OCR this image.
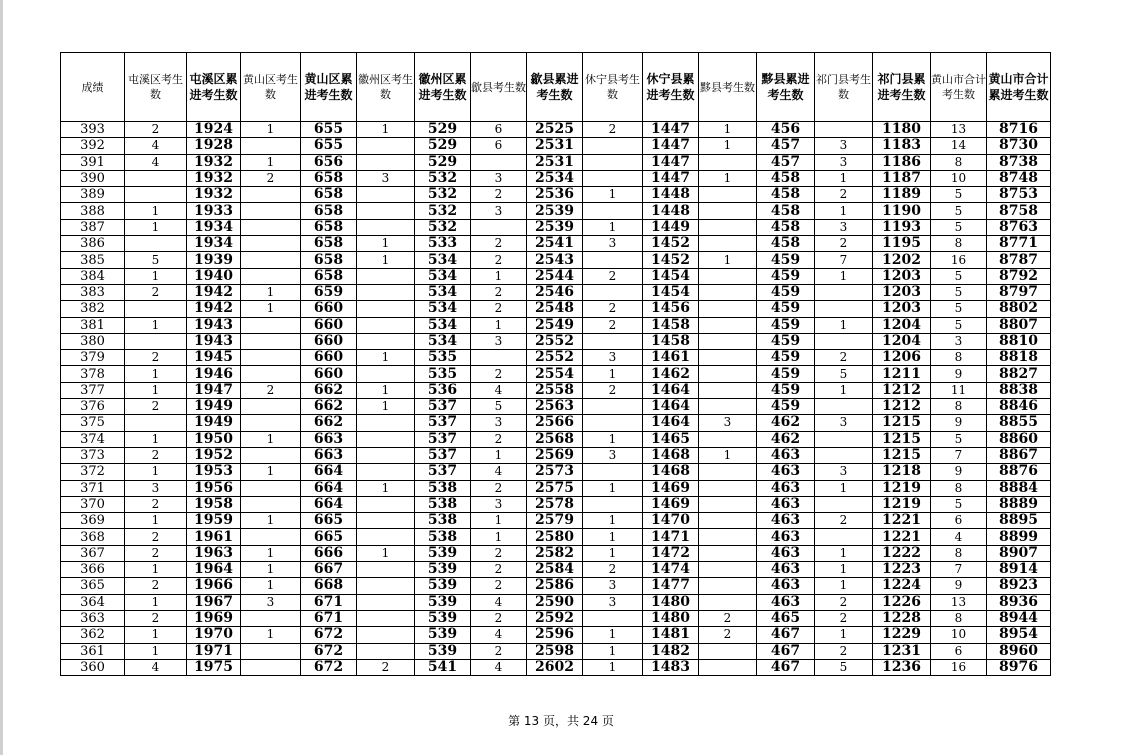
成绩	屯溪区考生数	屯溪区累进考生数	黄山区考生数	黄山区累进考生数	徽州区考生数	徽州区累进考生数	歙县考生数	歙县累进考生数	休宁县考生数	休宁县累进考生数	黟县考生数	黟县累进考生数	祁门县考生数	祁门县累进考生数	黄山市合计考生数	黄山市合计累进考生数
393	2	1924	1	655	1	529	6	2525	2	1447	1	456		1180	13	8716
392	4	1928		655		529	6	2531		1447	1	457	3	1183	14	8730
391	4	1932	1	656		529		2531		1447		457	3	1186	8	8738
390		1932	2	658	3	532	3	2534		1447	1	458	1	1187	10	8748
389		1932		658		532	2	2536	1	1448		458	2	1189	5	8753
388	1	1933		658		532	3	2539		1448		458	1	1190	5	8758
387	1	1934		658		532		2539	1	1449		458	3	1193	5	8763
386		1934		658	1	533	2	2541	3	1452		458	2	1195	8	8771
385	5	1939		658	1	534	2	2543		1452	1	459	7	1202	16	8787
384	1	1940		658		534	1	2544	2	1454		459	1	1203	5	8792
383	2	1942	1	659		534	2	2546		1454		459		1203	5	8797
382		1942	1	660		534	2	2548	2	1456		459		1203	5	8802
381	1	1943		660		534	1	2549	2	1458		459	1	1204	5	8807
380		1943		660		534	3	2552		1458		459		1204	3	8810
379	2	1945		660	1	535		2552	3	1461		459	2	1206	8	8818
378	1	1946		660		535	2	2554	1	1462		459	5	1211	9	8827
377	1	1947	2	662	1	536	4	2558	2	1464		459	1	1212	11	8838
376	2	1949		662	1	537	5	2563		1464		459		1212	8	8846
375		1949		662		537	3	2566		1464	3	462	3	1215	9	8855
374	1	1950	1	663		537	2	2568	1	1465		462		1215	5	8860
373	2	1952		663		537	1	2569	3	1468	1	463		1215	7	8867
372	1	1953	1	664		537	4	2573		1468		463	3	1218	9	8876
371	3	1956		664	1	538	2	2575	1	1469		463	1	1219	8	8884
370	2	1958		664		538	3	2578		1469		463		1219	5	8889
369	1	1959	1	665		538	1	2579	1	1470		463	2	1221	6	8895
368	2	1961		665		538	1	2580	1	1471		463		1221	4	8899
367	2	1963	1	666	1	539	2	2582	1	1472		463	1	1222	8	8907
366	1	1964	1	667		539	2	2584	2	1474		463	1	1223	7	8914
365	2	1966	1	668		539	2	2586	3	1477		463	1	1224	9	8923
364	1	1967	3	671		539	4	2590	3	1480		463	2	1226	13	8936
363	2	1969		671		539	2	2592		1480	2	465	2	1228	8	8944
362	1	1970	1	672		539	4	2596	1	1481	2	467	1	1229	10	8954
361	1	1971		672		539	2	2598	1	1482		467	2	1231	6	8960
360	4	1975		672	2	541	4	2602	1	1483		467	5	1236	16	8976
第 13 页，共 24 页
